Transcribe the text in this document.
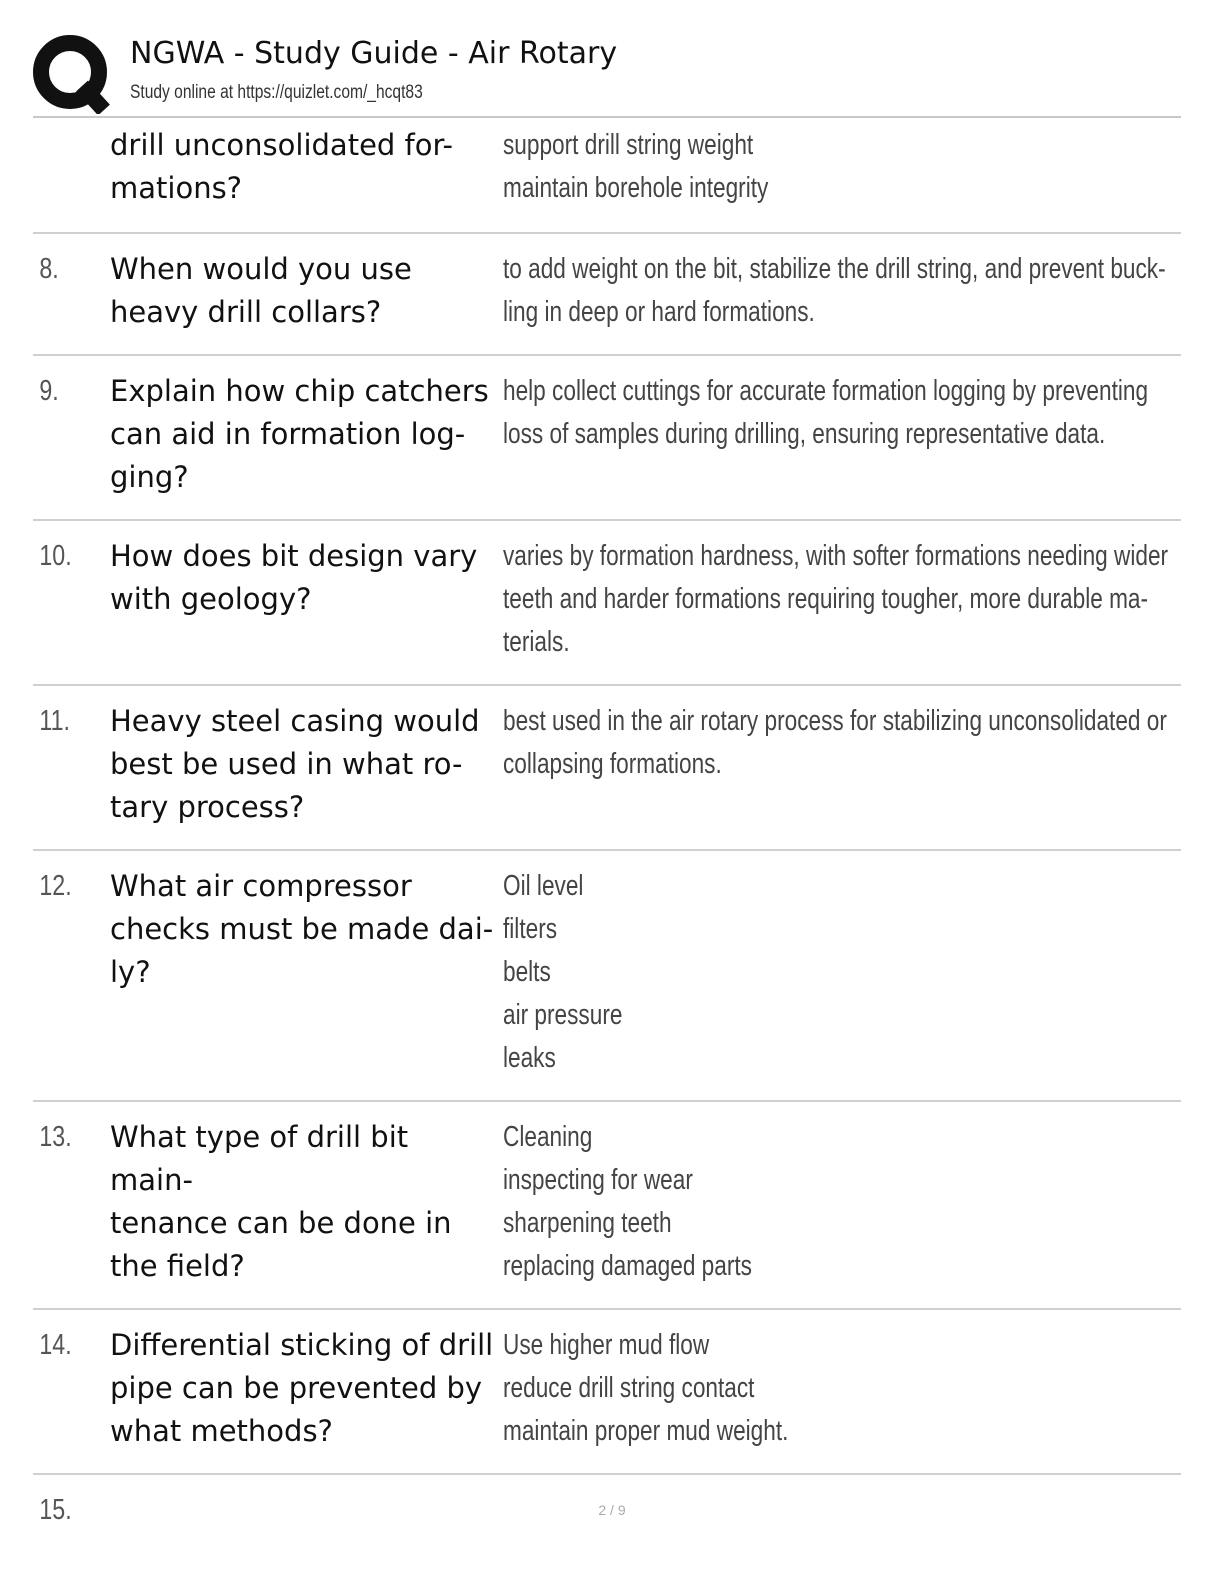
NGWA - Study Guide - Air Rotary
Study online at https://quizlet.com/_hcqt83
drill unconsolidated for-
mations?
support drill string weight
maintain borehole integrity
8.	When would you use
heavy drill collars?
to add weight on the bit, stabilize the drill string, and prevent buck-
ling in deep or hard formations.
9.	Explain how chip catchers
can aid in formation log-
ging?
help collect cuttings for accurate formation logging by preventing
loss of samples during drilling, ensuring representative data.
10.	How does bit design vary
with geology?
varies by formation hardness, with softer formations needing wider
teeth and harder formations requiring tougher, more durable ma-
terials.
11.	Heavy steel casing would
best be used in what ro-
tary process?
best used in the air rotary process for stabilizing unconsolidated or
collapsing formations.
12.	What air compressor
checks must be made dai-
ly?
Oil level
filters
belts
air pressure
leaks
13.	What type of drill bit main-
tenance can be done in
the field?
Cleaning
inspecting for wear
sharpening teeth
replacing damaged parts
14.	Differential sticking of drill
pipe can be prevented by
what methods?
Use higher mud flow
reduce drill string contact
maintain proper mud weight.
15.	2 / 9
